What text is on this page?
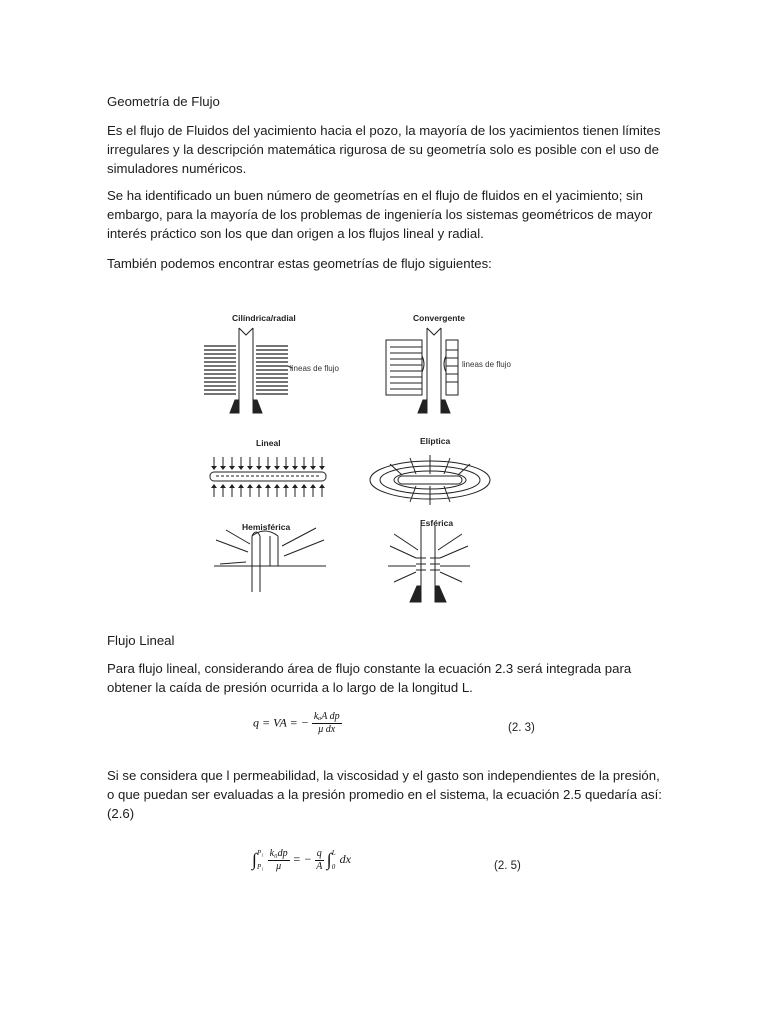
Geometría de Flujo

Es el flujo de Fluidos del yacimiento hacia el pozo, la mayoría de los yacimientos tienen límites irregulares y la descripción matemática rigurosa de su geometría solo es posible con el uso de simuladores numéricos.

Se ha identificado un buen número de geometrías en el flujo de fluidos en el yacimiento; sin embargo, para la mayoría de los problemas de ingeniería los sistemas geométricos de mayor interés práctico son los que dan origen a los flujos lineal y radial.

También podemos encontrar estas geometrías de flujo siguientes:

Cilíndrica/radial	Convergente
Lineal	Elíptica
Hemisférica	Esférica
lineas de flujo	lineas de flujo
Flujo Lineal

Para flujo lineal, considerando área de flujo constante la ecuación 2.3 será integrada para obtener la caída de presión ocurrida a lo largo de la longitud L.

q = VA = − $\frac{\text{kₐA dp}}{\text{μ dx}}$	(2. 3)

Si se considera que l permeabilidad, la viscosidad y el gasto son independientes de la presión, o que puedan ser evaluadas a la presión promedio en el sistema, la ecuación 2.5 quedaría así: (2.6)

∫ P₁
P₁
$\frac{\text{k₀dp}}{\mu}$ = − $\frac{q}{A}$ ∫ L
0
dx
(2. 5)
